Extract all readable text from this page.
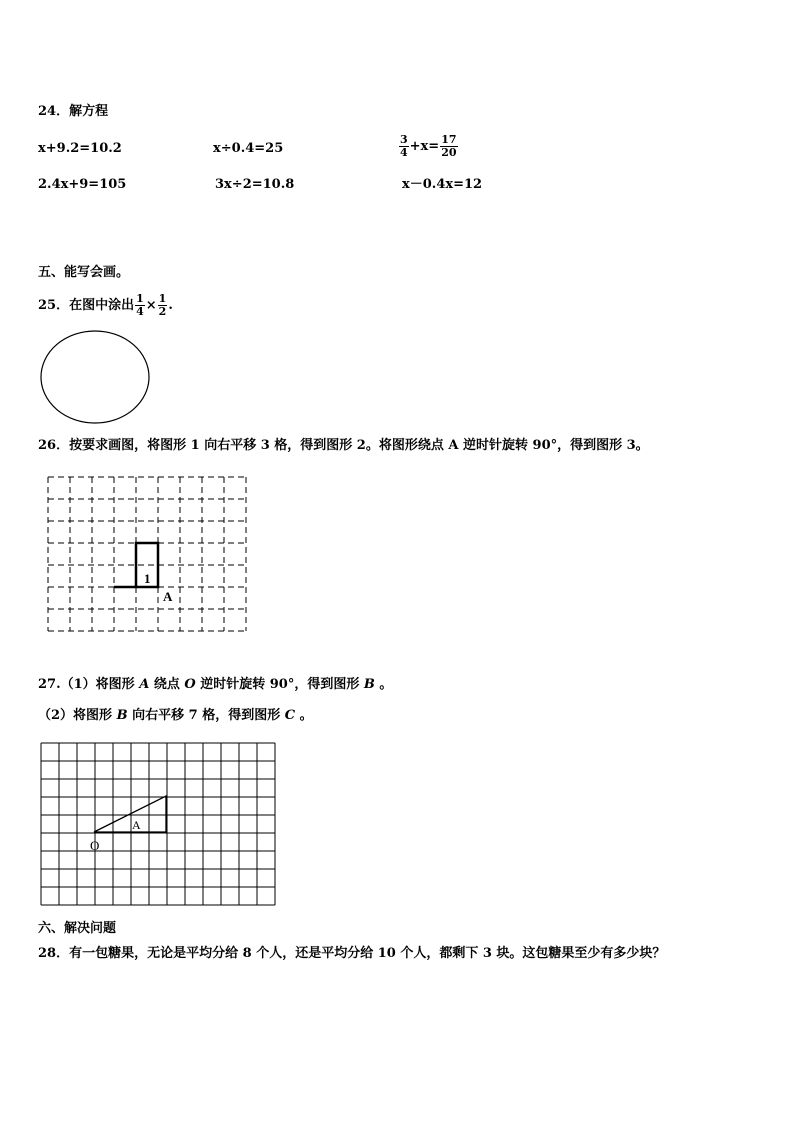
24．解方程
x+9.2=10.2	x÷0.4=25	$\frac{3}{4} +x= \frac{17}{20}$
2.4x+9=105	3x÷2=10.8	x－0.4x=12
五、能写会画。
25．在图中涂出 $\frac{1}{4} \times \frac{1}{2}$ .
26．按要求画图，将图形 1 向右平移 3 格，得到图形 2。将图形绕点 A 逆时针旋转 90°，得到图形 3。
1
A
27.（1）将图形 A 绕点 O 逆时针旋转 90°，得到图形 B 。
（2）将图形 B 向右平移 7 格，得到图形 C 。
A
O
六、解决问题
28．有一包糖果，无论是平均分给 8 个人，还是平均分给 10 个人，都剩下 3 块。这包糖果至少有多少块？
